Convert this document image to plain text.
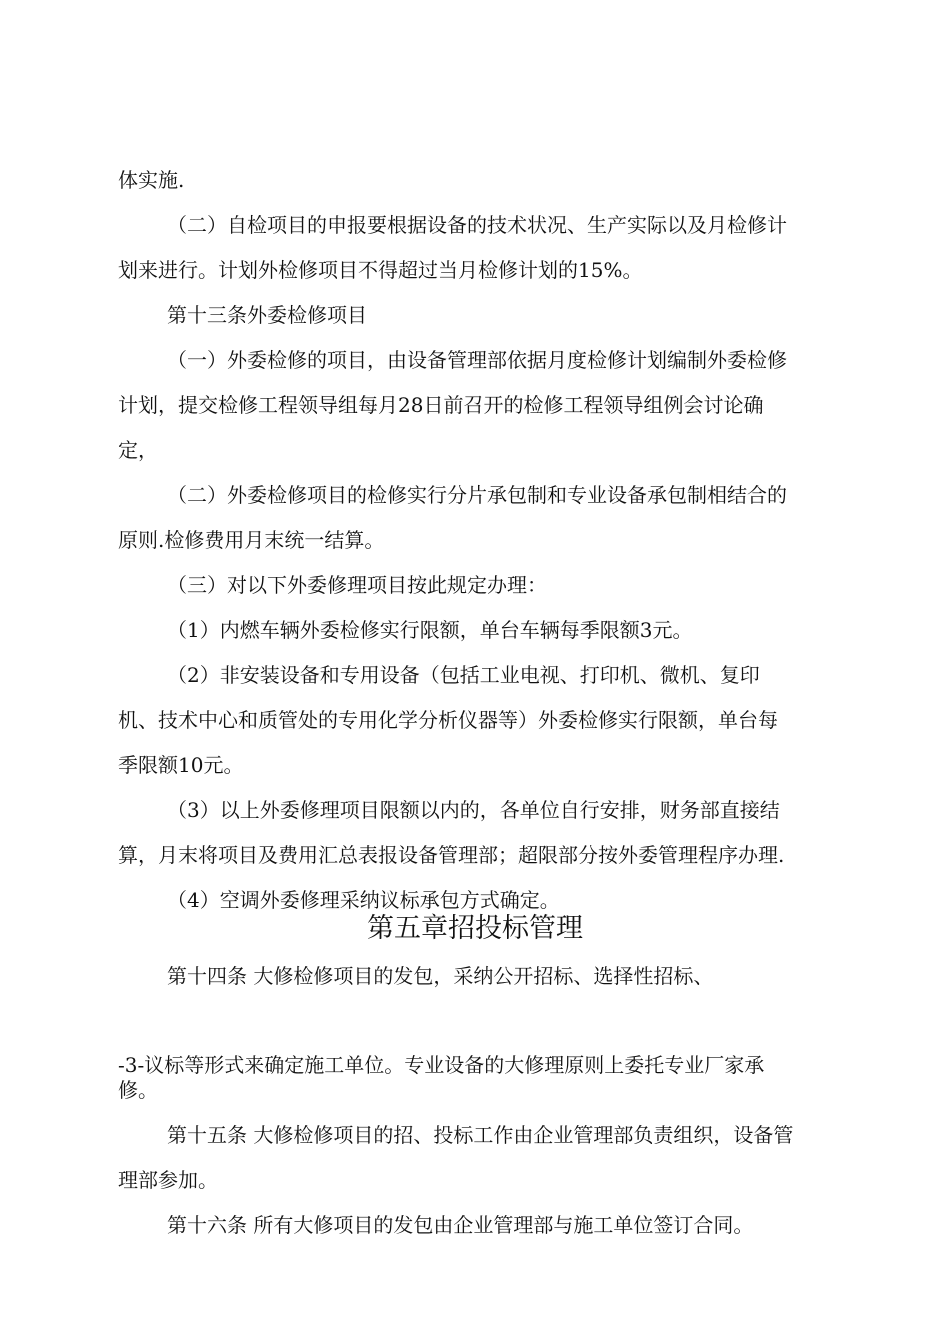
体实施.
（二）自检项目的申报要根据设备的技术状况、生产实际以及月检修计
划来进行。计划外检修项目不得超过当月检修计划的15%。
第十三条外委检修项目
（一）外委检修的项目，由设备管理部依据月度检修计划编制外委检修
计划，提交检修工程领导组每月28日前召开的检修工程领导组例会讨论确
定，
（二）外委检修项目的检修实行分片承包制和专业设备承包制相结合的
原则.检修费用月末统一结算。
（三）对以下外委修理项目按此规定办理：
（1）内燃车辆外委检修实行限额，单台车辆每季限额3元。
（2）非安装设备和专用设备（包括工业电视、打印机、微机、复印
机、技术中心和质管处的专用化学分析仪器等）外委检修实行限额，单台每
季限额10元。
（3）以上外委修理项目限额以内的，各单位自行安排，财务部直接结
算，月末将项目及费用汇总表报设备管理部；超限部分按外委管理程序办理.
（4）空调外委修理采纳议标承包方式确定。
第五章招投标管理
第十四条 大修检修项目的发包，采纳公开招标、选择性招标、
-3-议标等形式来确定施工单位。专业设备的大修理原则上委托专业厂家承
修。
第十五条 大修检修项目的招、投标工作由企业管理部负责组织，设备管
理部参加。
第十六条 所有大修项目的发包由企业管理部与施工单位签订合同。
